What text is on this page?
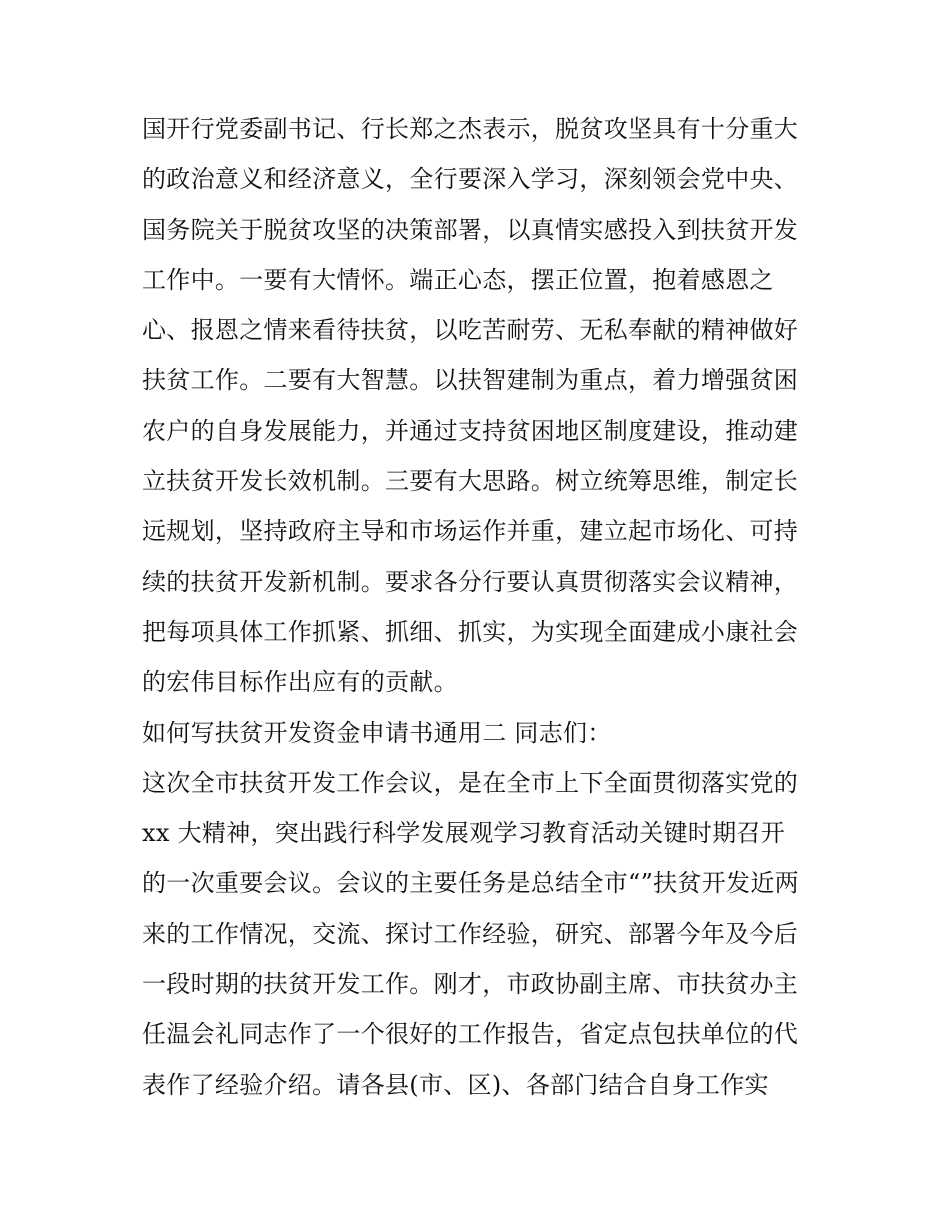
国开行党委副书记、行长郑之杰表示，脱贫攻坚具有十分重大
的政治意义和经济意义，全行要深入学习，深刻领会党中央、
国务院关于脱贫攻坚的决策部署，以真情实感投入到扶贫开发
工作中。一要有大情怀。端正心态，摆正位置，抱着感恩之
心、报恩之情来看待扶贫，以吃苦耐劳、无私奉献的精神做好
扶贫工作。二要有大智慧。以扶智建制为重点，着力增强贫困
农户的自身发展能力，并通过支持贫困地区制度建设，推动建
立扶贫开发长效机制。三要有大思路。树立统筹思维，制定长
远规划，坚持政府主导和市场运作并重，建立起市场化、可持
续的扶贫开发新机制。要求各分行要认真贯彻落实会议精神，
把每项具体工作抓紧、抓细、抓实，为实现全面建成小康社会
的宏伟目标作出应有的贡献。
如何写扶贫开发资金申请书通用二 同志们：
这次全市扶贫开发工作会议，是在全市上下全面贯彻落实党的
xx 大精神，突出践行科学发展观学习教育活动关键时期召开
的一次重要会议。会议的主要任务是总结全市“”扶贫开发近两
来的工作情况，交流、探讨工作经验，研究、部署今年及今后
一段时期的扶贫开发工作。刚才，市政协副主席、市扶贫办主
任温会礼同志作了一个很好的工作报告，省定点包扶单位的代
表作了经验介绍。请各县(市、区)、各部门结合自身工作实
